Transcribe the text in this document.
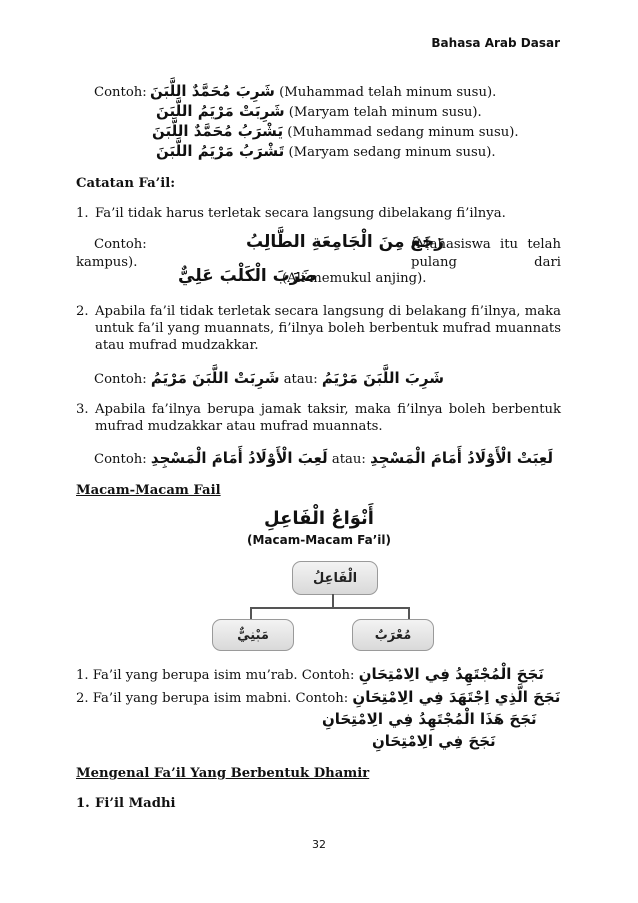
Bahasa Arab Dasar
Contoh: شَرِبَ مُحَمَّدٌ اللَّبَنَ (Muhammad telah minum susu).
شَرِبَتْ مَرْيَمُ اللَّبَنَ (Maryam telah minum susu).
يَشْرَبُ مُحَمَّدٌ اللَّبَنَ (Muhammad sedang minum susu).
تَشْرَبُ مَرْيَمُ اللَّبَنَ (Maryam sedang minum susu).
Catatan Fa’il:
1. Fa’il tidak harus terletak secara langsung dibelakang fi’ilnya.
Contoh:	رَجَعَ مِنَ الْجَامِعَةِ الطَّالِبُ
(Mahasiswa itu telah pulang dari
kampus).
ضَرَبَ الْكَلْبَ عَلِيٌّ
(Ali memukul anjing).
2. Apabila fa’il tidak terletak secara langsung di belakang fi’ilnya, maka
untuk fa’il yang muannats, fi’ilnya boleh berbentuk mufrad muannats
atau mufrad mudzakkar.
Contoh: شَرِبَتْ اللَّبَنَ مَرْيَمُ atau: شَرِبَ اللَّبَنَ مَرْيَمُ
3. Apabila fa’ilnya berupa jamak taksir, maka fi’ilnya boleh berbentuk
mufrad mudzakkar atau mufrad muannats.
Contoh: لَعِبَ الْأَوْلَادُ أَمَامَ الْمَسْجِدِ atau: لَعِبَتْ الْأَوْلَادُ أَمَامَ الْمَسْجِدِ
Macam-Macam Fail
أَنْوَاعُ الْفَاعِلِ
(Macam-Macam Fa’il)
الْفَاعِلُ
مَبْنِيٌّ	مُعْرَبٌ
1. Fa’il yang berupa isim mu’rab. Contoh: نَجَحَ الْمُجْتَهِدُ فِي الِامْتِحَانِ
2. Fa’il yang berupa isim mabni. Contoh: نَجَحَ الَّذِي اِجْتَهَدَ فِي الِامْتِحَانِ
نَجَحَ هَذَا الْمُجْتَهِدُ فِي الِامْتِحَانِ
نَجَحَ فِي الِامْتِحَانِ
Mengenal Fa’il Yang Berbentuk Dhamir
1. Fi’il Madhi
32
